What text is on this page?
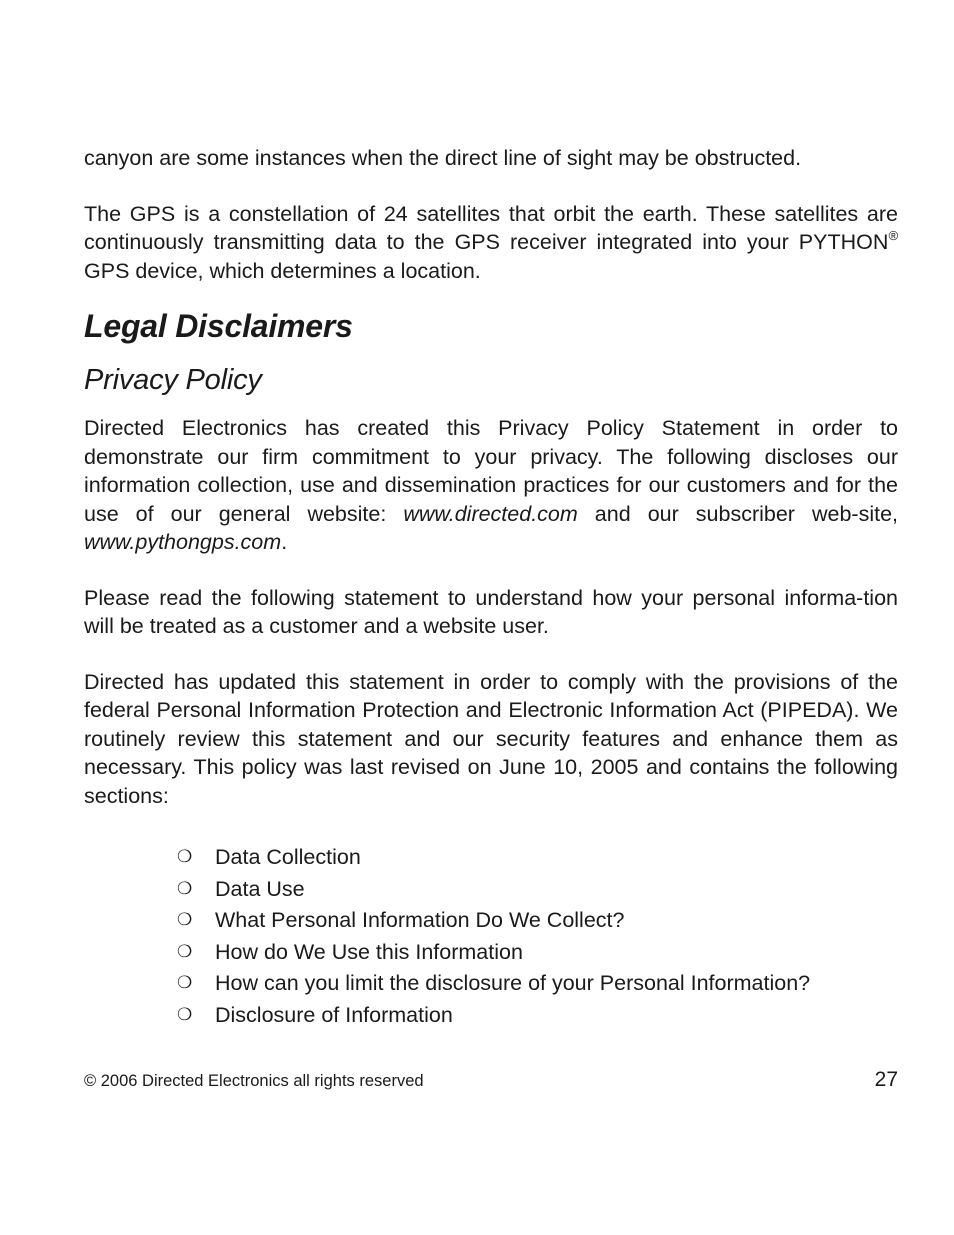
canyon are some instances when the direct line of sight may be obstructed.

The GPS is a constellation of 24 satellites that orbit the earth. These satellites are continuously transmitting data to the GPS receiver integrated into your PYTHON® GPS device, which determines a location.

Legal Disclaimers
Privacy Policy

Directed Electronics has created this Privacy Policy Statement in order to demonstrate our firm commitment to your privacy. The following discloses our information collection, use and dissemination practices for our customers and for the use of our general website: www.directed.com and our subscriber web-site, www.pythongps.com.

Please read the following statement to understand how your personal informa-tion will be treated as a customer and a website user.

Directed has updated this statement in order to comply with the provisions of the federal Personal Information Protection and Electronic Information Act (PIPEDA). We routinely review this statement and our security features and enhance them as necessary. This policy was last revised on June 10, 2005 and contains the following sections:

❍	Data Collection
❍	Data Use
❍	What Personal Information Do We Collect?
❍	How do We Use this Information
❍	How can you limit the disclosure of your Personal Information?
❍	Disclosure of Information
© 2006 Directed Electronics all rights reserved	27
